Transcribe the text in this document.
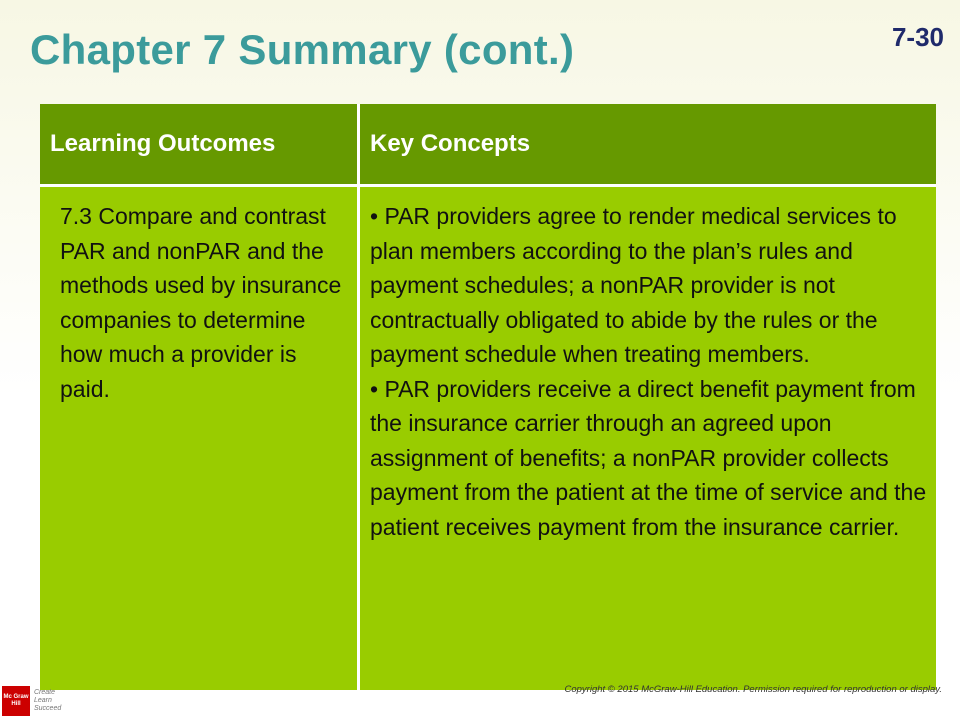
Chapter 7 Summary (cont.)	7-30
Learning Outcomes	Key Concepts

7.3 Compare and contrast PAR and nonPAR and the methods used by insurance companies to determine how much a provider is paid.

• PAR providers agree to render medical services to plan members according to the plan’s rules and payment schedules; a nonPAR provider is not contractually obligated to abide by the rules or the payment schedule when treating members.

• PAR providers receive a direct benefit payment from the insurance carrier through an agreed upon assignment of benefits; a nonPAR provider collects payment from the patient at the time of service and the patient receives payment from the insurance carrier.

Mc Graw Hill
Create
Learn
Succeed
Copyright © 2015 McGraw-Hill Education. Permission required for reproduction or display.
